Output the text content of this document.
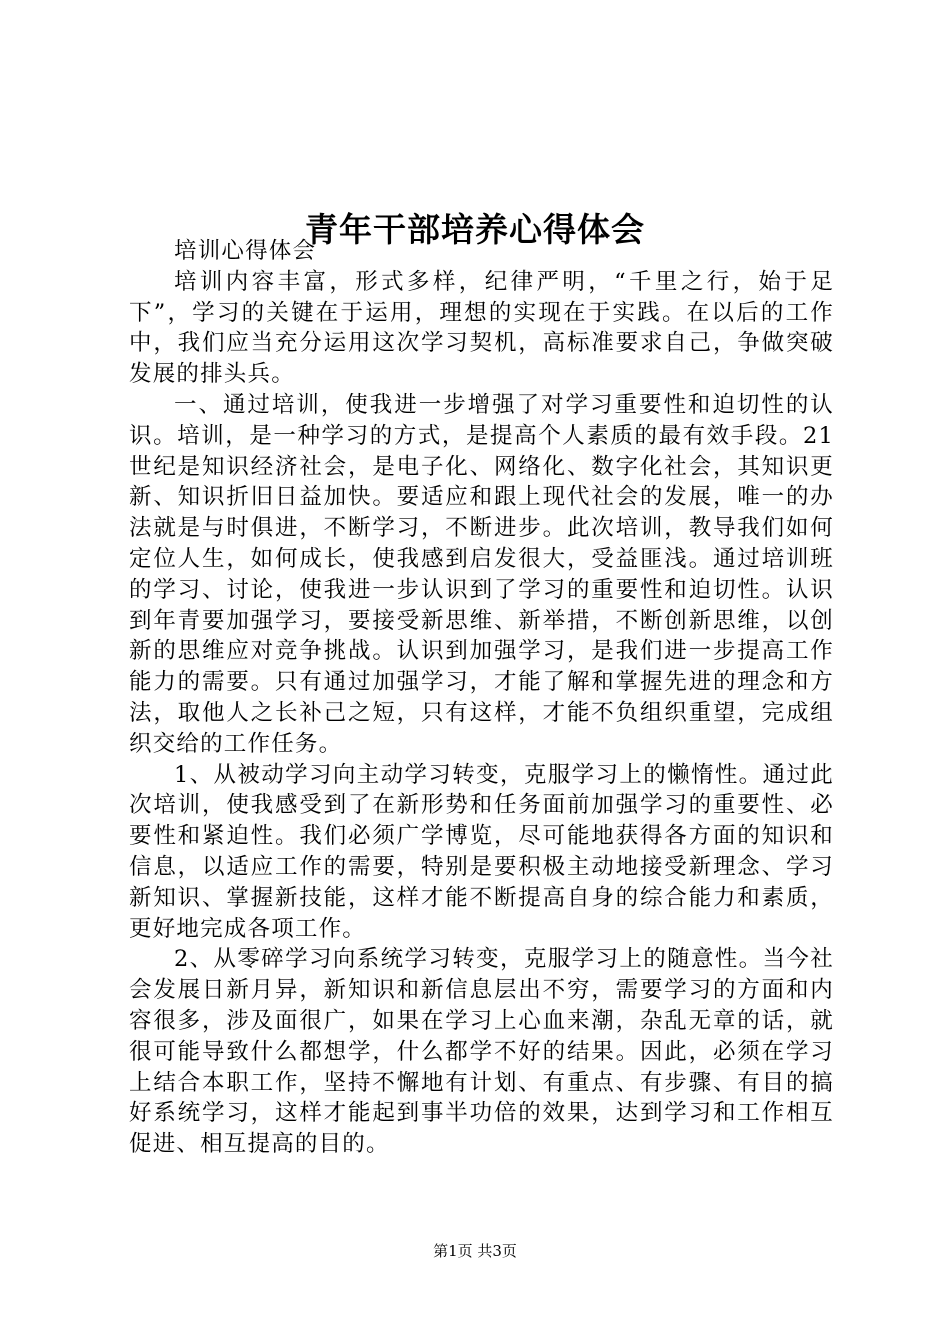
青年干部培养心得体会

培训心得体会

培训内容丰富，形式多样，纪律严明，“千里之行，始于足下”，学习的关键在于运用，理想的实现在于实践。在以后的工作中，我们应当充分运用这次学习契机，高标准要求自己，争做突破发展的排头兵。

一、通过培训，使我进一步增强了对学习重要性和迫切性的认识。培训，是一种学习的方式，是提高个人素质的最有效手段。21世纪是知识经济社会，是电子化、网络化、数字化社会，其知识更新、知识折旧日益加快。要适应和跟上现代社会的发展，唯一的办法就是与时俱进，不断学习，不断进步。此次培训，教导我们如何定位人生，如何成长，使我感到启发很大，受益匪浅。通过培训班的学习、讨论，使我进一步认识到了学习的重要性和迫切性。认识到年青要加强学习，要接受新思维、新举措，不断创新思维，以创新的思维应对竞争挑战。认识到加强学习，是我们进一步提高工作能力的需要。只有通过加强学习，才能了解和掌握先进的理念和方法，取他人之长补己之短，只有这样，才能不负组织重望，完成组织交给的工作任务。

1、从被动学习向主动学习转变，克服学习上的懒惰性。通过此次培训，使我感受到了在新形势和任务面前加强学习的重要性、必要性和紧迫性。我们必须广学博览，尽可能地获得各方面的知识和信息，以适应工作的需要，特别是要积极主动地接受新理念、学习新知识、掌握新技能，这样才能不断提高自身的综合能力和素质，更好地完成各项工作。

2、从零碎学习向系统学习转变，克服学习上的随意性。当今社会发展日新月异，新知识和新信息层出不穷，需要学习的方面和内容很多，涉及面很广，如果在学习上心血来潮，杂乱无章的话，就很可能导致什么都想学，什么都学不好的结果。因此，必须在学习上结合本职工作，坚持不懈地有计划、有重点、有步骤、有目的搞好系统学习，这样才能起到事半功倍的效果，达到学习和工作相互促进、相互提高的目的。

第1页 共3页
